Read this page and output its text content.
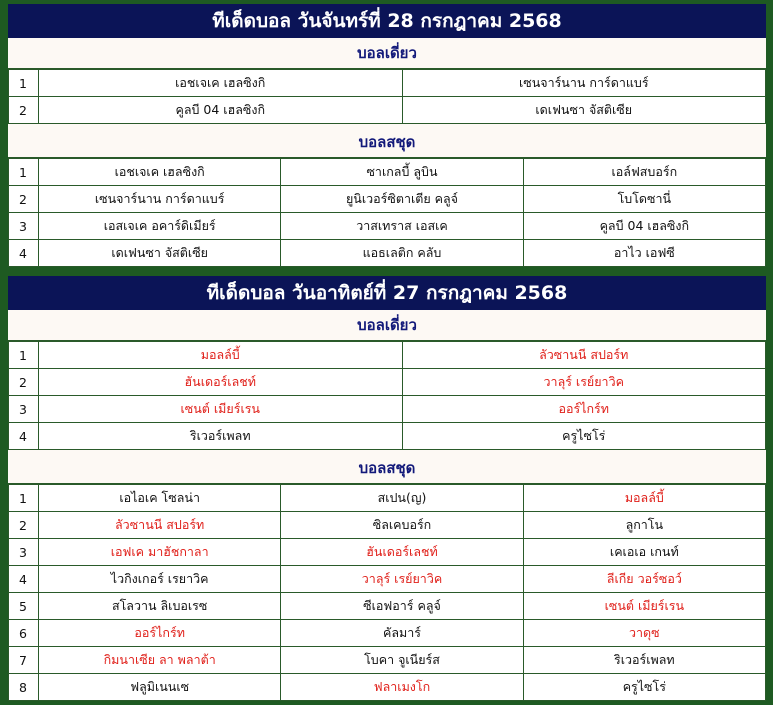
ทีเด็ดบอล วันจันทร์ที่ 28 กรกฎาคม 2568
บอลเดี่ยว
1	เอชเจเค เฮลซิงกิ	เซนจาร์นาน การ์ดาแบร์
2	คูลบี 04 เฮลซิงกิ	เดเฟนซา จัสติเซีย
บอลสชุด
1	เอชเจเค เฮลซิงกิ	ซาเกลบี้ ลูบิน	เอล์ฟสบอร์ก
2	เซนจาร์นาน การ์ดาแบร์	ยูนิเวอร์ซิตาเตีย คลูจ์	โบโดซานี่
3	เอสเจเค อคาร์ดิเมียร์	วาสเทราส เอสเค	คูลบี 04 เฮลซิงกิ
4	เดเฟนซา จัสติเซีย	แอธเลติก คลับ	อาไว เอฟซี
ทีเด็ดบอล วันอาทิตย์ที่ 27 กรกฎาคม 2568
บอลเดี่ยว
1	มอลล์บี้	ลัวซานนี สปอร์ท
2	ฮันเดอร์เลชท์	วาลุร์ เรย์ยาวิค
3	เซนต์ เมียร์เรน	ออร์ไกร์ท
4	ริเวอร์เพลท	ครูไซโร่
บอลสชุด
1	เอไอเค โซลน่า	สเปน(ญ)	มอลล์บี้
2	ลัวซานนี สปอร์ท	ซิลเคบอร์ก	ลูกาโน
3	เอฟเค มาฮัชกาลา	ฮันเดอร์เลชท์	เคเอเอ เกนท์
4	ไวกิงเกอร์ เรยาวิค	วาลุร์ เรย์ยาวิค	ลีเกีย วอร์ซอว์
5	สโลวาน ลิเบอเรซ	ซีเอฟอาร์ คลูจ์	เซนต์ เมียร์เรน
6	ออร์ไกร์ท	คัลมาร์	วาดุซ
7	กิมนาเซีย ลา พลาต้า	โบคา จูเนียร์ส	ริเวอร์เพลท
8	ฟลูมิเนนเซ	ฟลาเมงโก	ครูไซโร่
